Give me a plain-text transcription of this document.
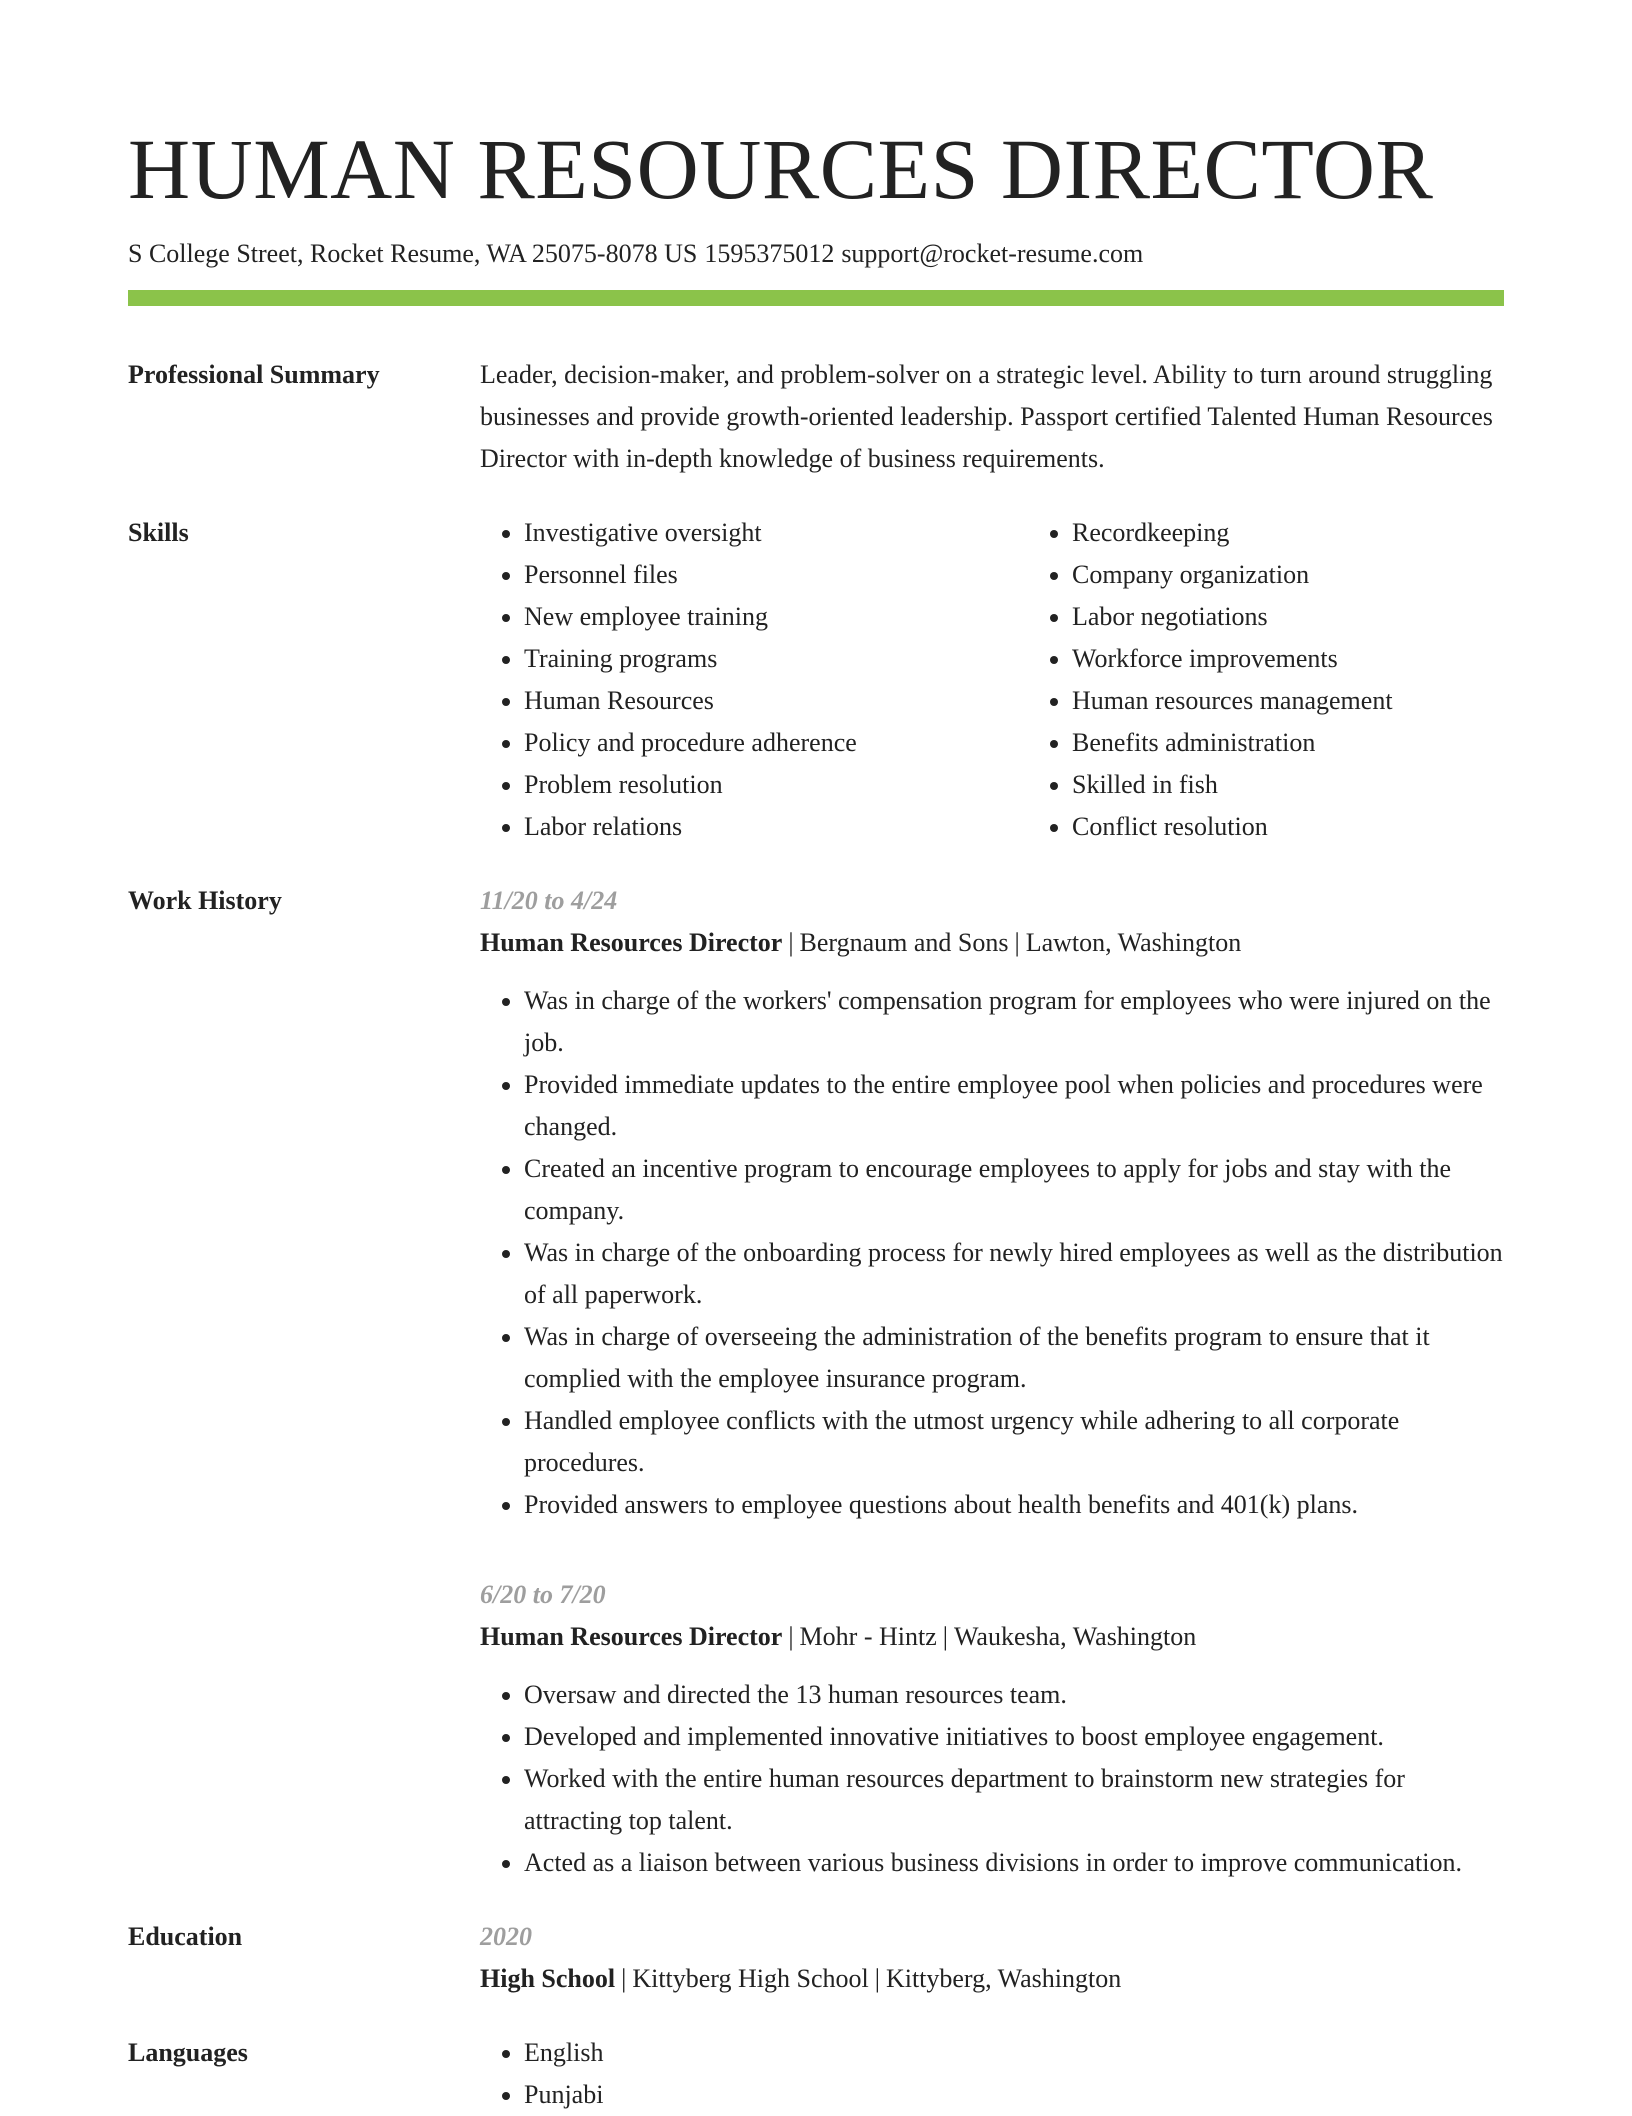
HUMAN RESOURCES DIRECTOR
S College Street, Rocket Resume, WA 25075-8078 US 1595375012 support@rocket-resume.com
Professional Summary	Leader, decision-maker, and problem-solver on a strategic level. Ability to turn around struggling businesses and provide growth-oriented leadership. Passport certified Talented Human Resources Director with in-depth knowledge of business requirements.

Skills	• Investigative oversight
• Personnel files
• New employee training
• Training programs
• Human Resources
• Policy and procedure adherence
• Problem resolution
• Labor relations
• Recordkeeping
• Company organization
• Labor negotiations
• Workforce improvements
• Human resources management
• Benefits administration
• Skilled in fish
• Conflict resolution
Work History	11/20 to 4/24
Human Resources Director | Bergnaum and Sons | Lawton, Washington
• Was in charge of the workers' compensation program for employees who were injured on the job.
• Provided immediate updates to the entire employee pool when policies and procedures were changed.
• Created an incentive program to encourage employees to apply for jobs and stay with the company.
• Was in charge of the onboarding process for newly hired employees as well as the distribution of all paperwork.
• Was in charge of overseeing the administration of the benefits program to ensure that it complied with the employee insurance program.
• Handled employee conflicts with the utmost urgency while adhering to all corporate procedures.
• Provided answers to employee questions about health benefits and 401(k) plans.
6/20 to 7/20
Human Resources Director | Mohr - Hintz | Waukesha, Washington
• Oversaw and directed the 13 human resources team.
• Developed and implemented innovative initiatives to boost employee engagement.
• Worked with the entire human resources department to brainstorm new strategies for attracting top talent.
• Acted as a liaison between various business divisions in order to improve communication.
Education	2020
High School | Kittyberg High School | Kittyberg, Washington
Languages	• English
• Punjabi
